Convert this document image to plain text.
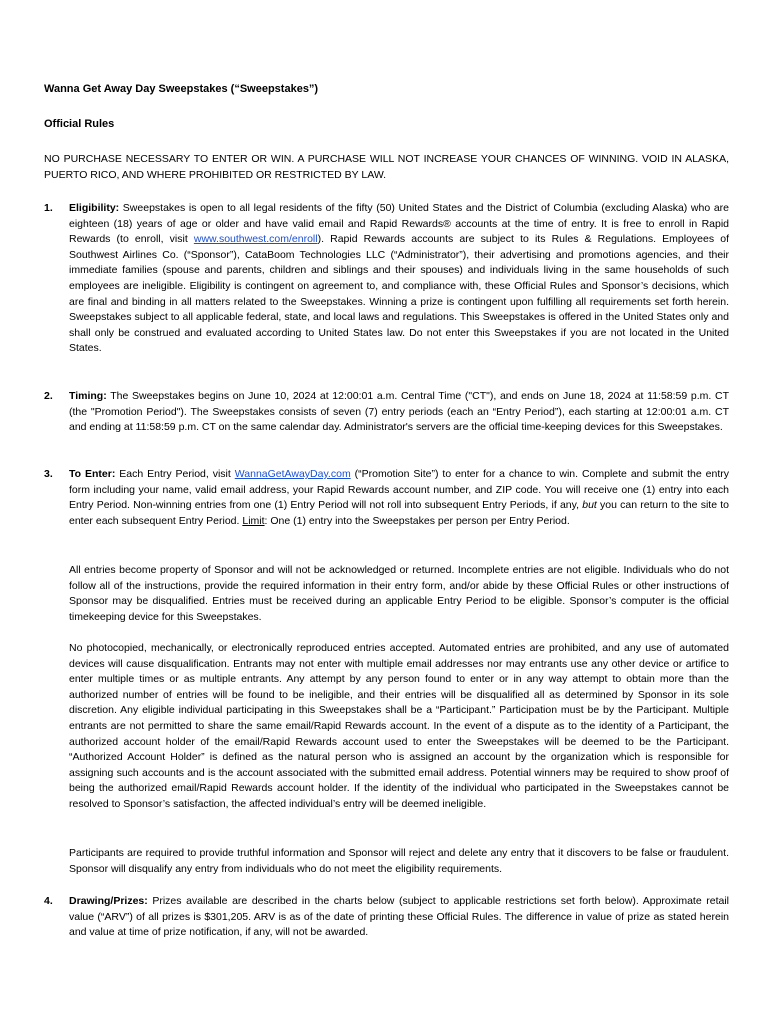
Wanna Get Away Day Sweepstakes (“Sweepstakes”)

Official Rules

NO PURCHASE NECESSARY TO ENTER OR WIN. A PURCHASE WILL NOT INCREASE YOUR CHANCES OF WINNING. VOID IN ALASKA, PUERTO RICO, AND WHERE PROHIBITED OR RESTRICTED BY LAW.

1.	Eligibility: Sweepstakes is open to all legal residents of the fifty (50) United States and the District of Columbia (excluding Alaska) who are eighteen (18) years of age or older and have valid email and Rapid Rewards® accounts at the time of entry. It is free to enroll in Rapid Rewards (to enroll, visit www.southwest.com/enroll). Rapid Rewards accounts are subject to its Rules & Regulations. Employees of Southwest Airlines Co. (“Sponsor”), CataBoom Technologies LLC (“Administrator”), their advertising and promotions agencies, and their immediate families (spouse and parents, children and siblings and their spouses) and individuals living in the same households of such employees are ineligible. Eligibility is contingent on agreement to, and compliance with, these Official Rules and Sponsor’s decisions, which are final and binding in all matters related to the Sweepstakes. Winning a prize is contingent upon fulfilling all requirements set forth herein. Sweepstakes subject to all applicable federal, state, and local laws and regulations. This Sweepstakes is offered in the United States only and shall only be construed and evaluated according to United States law. Do not enter this Sweepstakes if you are not located in the United States.
2.	Timing: The Sweepstakes begins on June 10, 2024 at 12:00:01 a.m. Central Time ("CT"), and ends on June 18, 2024 at 11:58:59 p.m. CT (the "Promotion Period"). The Sweepstakes consists of seven (7) entry periods (each an “Entry Period”), each starting at 12:00:01 a.m. CT and ending at 11:58:59 p.m. CT on the same calendar day. Administrator's servers are the official time-keeping devices for this Sweepstakes.
3.	To Enter: Each Entry Period, visit WannaGetAwayDay.com (“Promotion Site”) to enter for a chance to win. Complete and submit the entry form including your name, valid email address, your Rapid Rewards account number, and ZIP code. You will receive one (1) entry into each Entry Period. Non-winning entries from one (1) Entry Period will not roll into subsequent Entry Periods, if any, but you can return to the site to enter each subsequent Entry Period. Limit: One (1) entry into the Sweepstakes per person per Entry Period.

All entries become property of Sponsor and will not be acknowledged or returned. Incomplete entries are not eligible. Individuals who do not follow all of the instructions, provide the required information in their entry form, and/or abide by these Official Rules or other instructions of Sponsor may be disqualified. Entries must be received during an applicable Entry Period to be eligible. Sponsor’s computer is the official timekeeping device for this Sweepstakes.

No photocopied, mechanically, or electronically reproduced entries accepted. Automated entries are prohibited, and any use of automated devices will cause disqualification. Entrants may not enter with multiple email addresses nor may entrants use any other device or artifice to enter multiple times or as multiple entrants. Any attempt by any person found to enter or in any way attempt to obtain more than the authorized number of entries will be found to be ineligible, and their entries will be disqualified all as determined by Sponsor in its sole discretion. Any eligible individual participating in this Sweepstakes shall be a “Participant.” Participation must be by the Participant. Multiple entrants are not permitted to share the same email/Rapid Rewards account. In the event of a dispute as to the identity of a Participant, the authorized account holder of the email/Rapid Rewards account used to enter the Sweepstakes will be deemed to be the Participant. “Authorized Account Holder” is defined as the natural person who is assigned an account by the organization which is responsible for assigning such accounts and is the account associated with the submitted email address. Potential winners may be required to show proof of being the authorized email/Rapid Rewards account holder. If the identity of the individual who participated in the Sweepstakes cannot be resolved to Sponsor’s satisfaction, the affected individual’s entry will be deemed ineligible.

Participants are required to provide truthful information and Sponsor will reject and delete any entry that it discovers to be false or fraudulent. Sponsor will disqualify any entry from individuals who do not meet the eligibility requirements.

4.	Drawing/Prizes: Prizes available are described in the charts below (subject to applicable restrictions set forth below). Approximate retail value (“ARV”) of all prizes is $301,205. ARV is as of the date of printing these Official Rules. The difference in value of prize as stated herein and value at time of prize notification, if any, will not be awarded.
